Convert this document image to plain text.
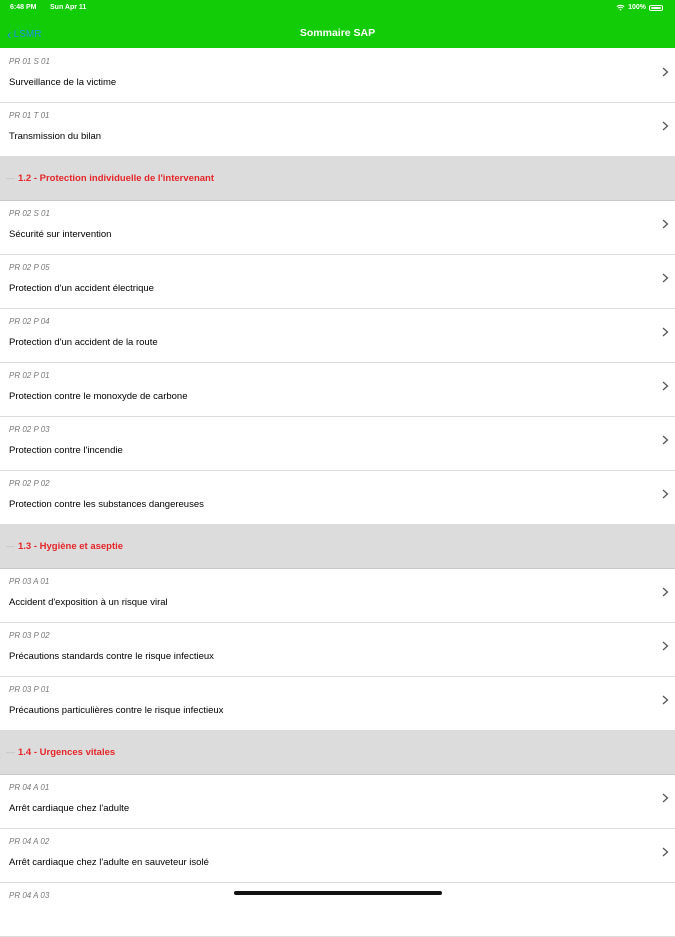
6:48 PM Sun Apr 11	100%
‹ LSMR	Sommaire SAP
PR 01 S 01
Surveillance de la victime
PR 01 T 01
Transmission du bilan
— 1.2 - Protection individuelle de l'intervenant
PR 02 S 01
Sécurité sur intervention
PR 02 P 05
Protection d'un accident électrique
PR 02 P 04
Protection d'un accident de la route
PR 02 P 01
Protection contre le monoxyde de carbone
PR 02 P 03
Protection contre l'incendie
PR 02 P 02
Protection contre les substances dangereuses
— 1.3 - Hygiène et aseptie
PR 03 A 01
Accident d'exposition à un risque viral
PR 03 P 02
Précautions standards contre le risque infectieux
PR 03 P 01
Précautions particulières contre le risque infectieux
— 1.4 - Urgences vitales
PR 04 A 01
Arrêt cardiaque chez l'adulte
PR 04 A 02
Arrêt cardiaque chez l'adulte en sauveteur isolé
PR 04 A 03
